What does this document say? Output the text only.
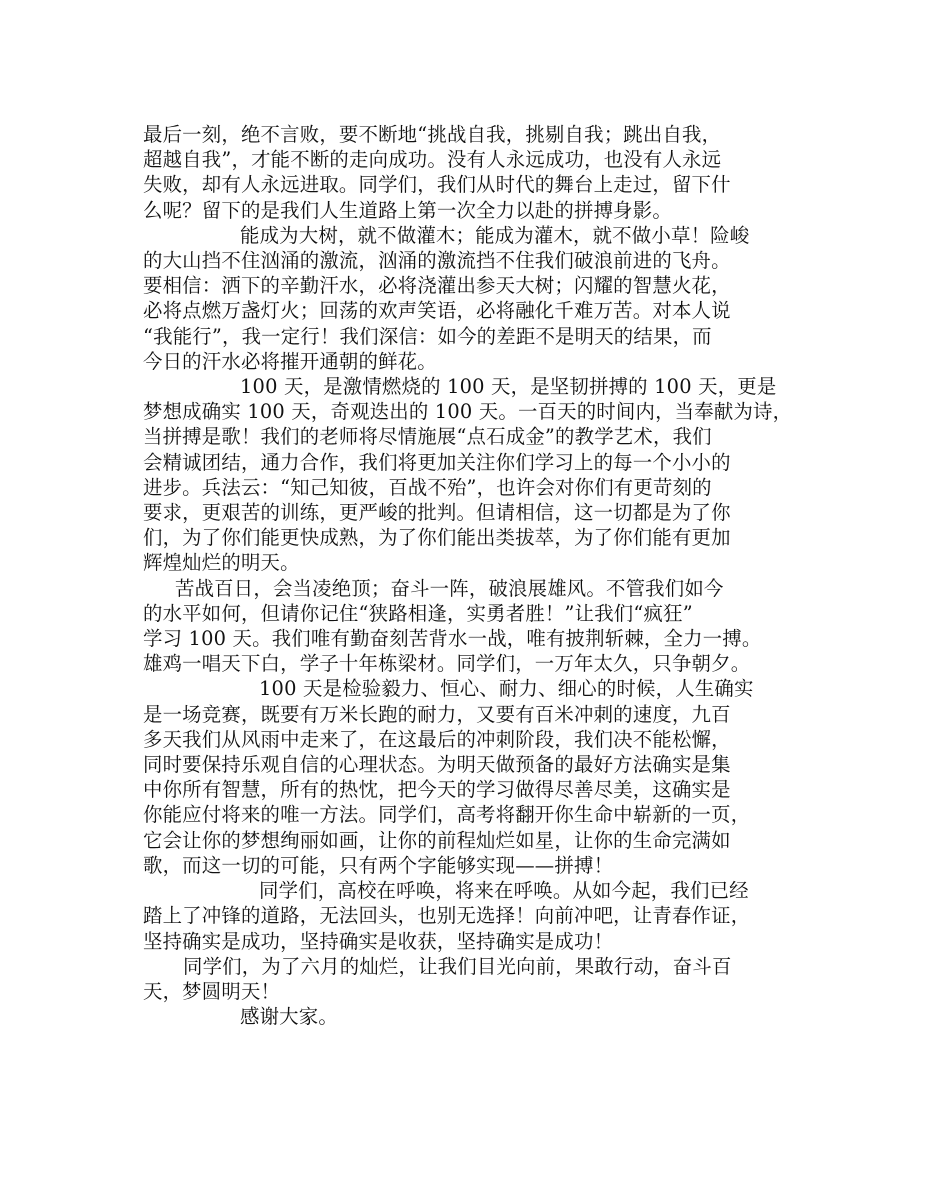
最后一刻，绝不言败，要不断地“挑战自我，挑剔自我；跳出自我，
超越自我”，才能不断的走向成功。没有人永远成功，也没有人永远
失败，却有人永远进取。同学们，我们从时代的舞台上走过，留下什
么呢？留下的是我们人生道路上第一次全力以赴的拼搏身影。

能成为大树，就不做灌木；能成为灌木，就不做小草！险峻
的大山挡不住汹涌的激流，汹涌的激流挡不住我们破浪前进的飞舟。
要相信：洒下的辛勤汗水，必将浇灌出参天大树；闪耀的智慧火花，
必将点燃万盏灯火；回荡的欢声笑语，必将融化千难万苦。对本人说
“我能行”，我一定行！我们深信：如今的差距不是明天的结果，而
今日的汗水必将摧开通朝的鲜花。

100 天，是激情燃烧的 100 天，是坚韧拼搏的 100 天，更是
梦想成确实 100 天，奇观迭出的 100 天。一百天的时间内，当奉献为诗，
当拼搏是歌！我们的老师将尽情施展“点石成金”的教学艺术，我们
会精诚团结，通力合作，我们将更加关注你们学习上的每一个小小的
进步。兵法云：“知己知彼，百战不殆”，也许会对你们有更苛刻的
要求，更艰苦的训练，更严峻的批判。但请相信，这一切都是为了你
们，为了你们能更快成熟，为了你们能出类拔萃，为了你们能有更加
辉煌灿烂的明天。

苦战百日，会当凌绝顶；奋斗一阵，破浪展雄风。不管我们如今
的水平如何，但请你记住“狭路相逢，实勇者胜！”让我们“疯狂”
学习 100 天。我们唯有勤奋刻苦背水一战，唯有披荆斩棘，全力一搏。
雄鸡一唱天下白，学子十年栋梁材。同学们，一万年太久，只争朝夕。

100 天是检验毅力、恒心、耐力、细心的时候，人生确实
是一场竞赛，既要有万米长跑的耐力，又要有百米冲刺的速度，九百
多天我们从风雨中走来了，在这最后的冲刺阶段，我们决不能松懈，
同时要保持乐观自信的心理状态。为明天做预备的最好方法确实是集
中你所有智慧，所有的热忱，把今天的学习做得尽善尽美，这确实是
你能应付将来的唯一方法。同学们，高考将翻开你生命中崭新的一页，
它会让你的梦想绚丽如画，让你的前程灿烂如星，让你的生命完满如
歌，而这一切的可能，只有两个字能够实现——拼搏！

同学们，高校在呼唤，将来在呼唤。从如今起，我们已经
踏上了冲锋的道路，无法回头，也别无选择！向前冲吧，让青春作证，
坚持确实是成功，坚持确实是收获，坚持确实是成功！

同学们，为了六月的灿烂，让我们目光向前，果敢行动，奋斗百
天，梦圆明天！

感谢大家。
